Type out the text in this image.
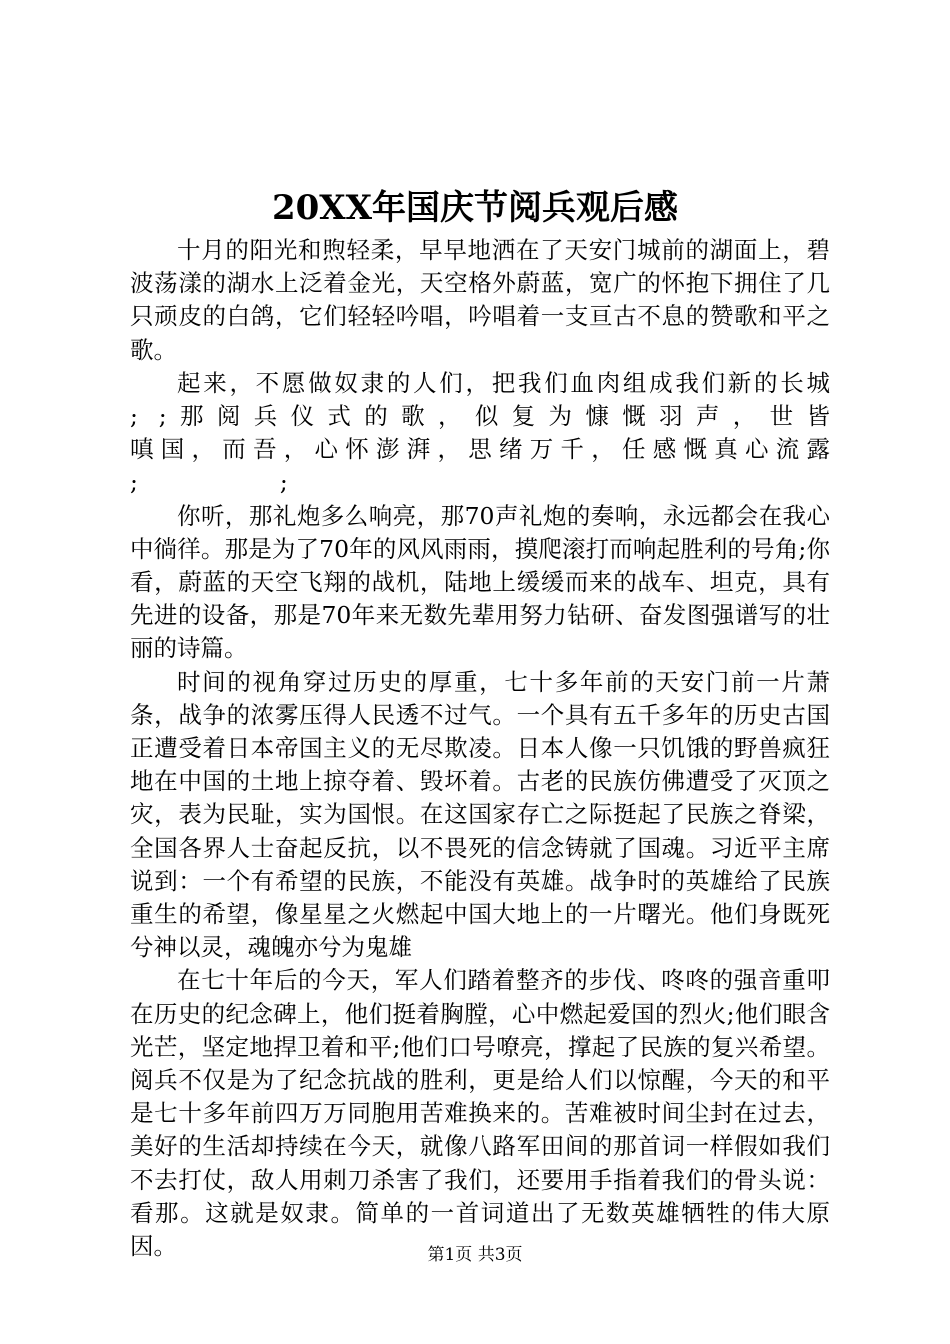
20XX年国庆节阅兵观后感

十月的阳光和煦轻柔，早早地洒在了天安门城前的湖面上，碧波荡漾的湖水上泛着金光，天空格外蔚蓝，宽广的怀抱下拥住了几只顽皮的白鸽，它们轻轻吟唱，吟唱着一支亘古不息的赞歌和平之歌。

起来，不愿做奴隶的人们，把我们血肉组成我们新的长城

; ;那阅兵仪式的歌，似复为慷慨羽声，世皆

嗔国，而吾，心怀澎湃，思绪万千，任感慨真心流露

;                   ;

你听，那礼炮多么响亮，那70声礼炮的奏响，永远都会在我心中徜徉。那是为了70年的风风雨雨，摸爬滚打而响起胜利的号角;你看，蔚蓝的天空飞翔的战机，陆地上缓缓而来的战车、坦克，具有先进的设备，那是70年来无数先辈用努力钻研、奋发图强谱写的壮丽的诗篇。

时间的视角穿过历史的厚重，七十多年前的天安门前一片萧条，战争的浓雾压得人民透不过气。一个具有五千多年的历史古国正遭受着日本帝国主义的无尽欺凌。日本人像一只饥饿的野兽疯狂地在中国的土地上掠夺着、毁坏着。古老的民族仿佛遭受了灭顶之灾，表为民耻，实为国恨。在这国家存亡之际挺起了民族之脊梁，全国各界人士奋起反抗，以不畏死的信念铸就了国魂。习近平主席说到：一个有希望的民族，不能没有英雄。战争时的英雄给了民族重生的希望，像星星之火燃起中国大地上的一片曙光。他们身既死兮神以灵，魂魄亦兮为鬼雄

在七十年后的今天，军人们踏着整齐的步伐、咚咚的强音重叩在历史的纪念碑上，他们挺着胸膛，心中燃起爱国的烈火;他们眼含光芒，坚定地捍卫着和平;他们口号嘹亮，撑起了民族的复兴希望。阅兵不仅是为了纪念抗战的胜利，更是给人们以惊醒，今天的和平是七十多年前四万万同胞用苦难换来的。苦难被时间尘封在过去，美好的生活却持续在今天，就像八路军田间的那首词一样假如我们不去打仗，敌人用刺刀杀害了我们，还要用手指着我们的骨头说：看那。这就是奴隶。简单的一首词道出了无数英雄牺牲的伟大原因。	第1页 共3页
